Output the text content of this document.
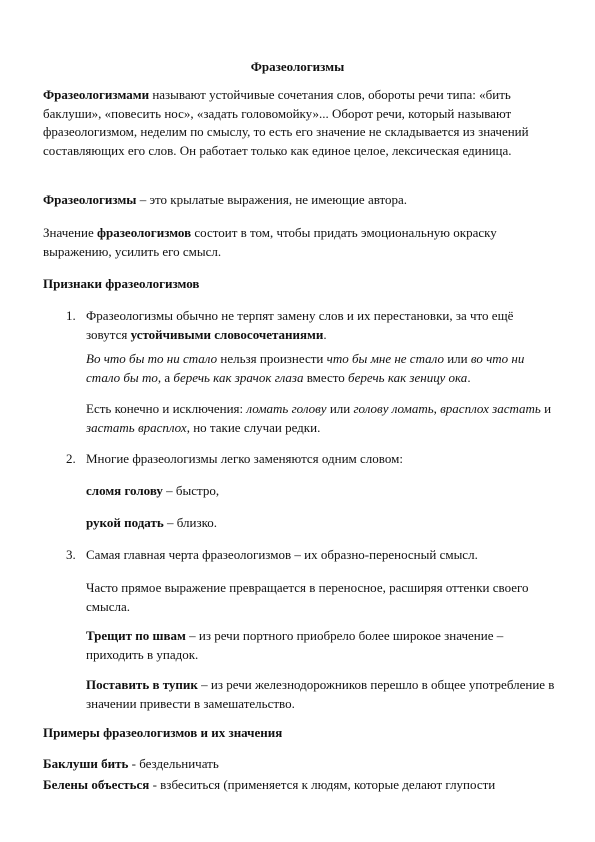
Фразеологизмы

Фразеологизмами называют устойчивые сочетания слов, обороты речи типа: «бить баклуши», «повесить нос», «задать головомойку»... Оборот речи, который называют фразеологизмом, неделим по смыслу, то есть его значение не складывается из значений составляющих его слов. Он работает только как единое целое, лексическая единица.

Фразеологизмы – это крылатые выражения, не имеющие автора.

Значение фразеологизмов состоит в том, чтобы придать эмоциональную окраску выражению, усилить его смысл.

Признаки фразеологизмов

1. Фразеологизмы обычно не терпят замену слов и их перестановки, за что ещё зовутся устойчивыми словосочетаниями.

Во что бы то ни стало нельзя произнести что бы мне не стало или во что ни стало бы то, а беречь как зрачок глаза вместо беречь как зеницу ока.

Есть конечно и исключения: ломать голову или голову ломать, врасплох застать и застать врасплох, но такие случаи редки.

2. Многие фразеологизмы легко заменяются одним словом:

сломя голову – быстро,

рукой подать – близко.

3. Самая главная черта фразеологизмов – их образно-переносный смысл.

Часто прямое выражение превращается в переносное, расширяя оттенки своего смысла.

Трещит по швам – из речи портного приобрело более широкое значение – приходить в упадок.

Поставить в тупик – из речи железнодорожников перешло в общее употребление в значении привести в замешательство.

Примеры фразеологизмов и их значения

Баклуши бить - бездельничать

Белены объесться - взбеситься (применяется к людям, которые делают глупости
